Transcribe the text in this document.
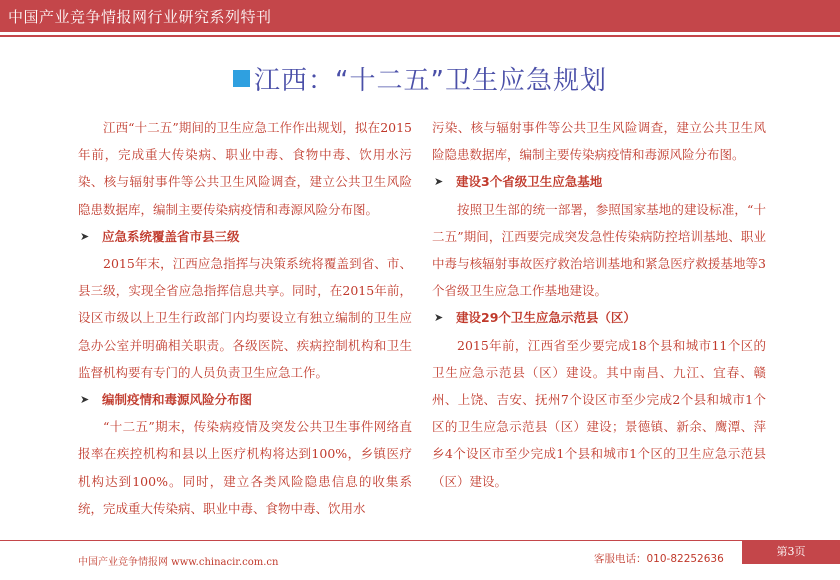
中国产业竞争情报网行业研究系列特刊
江西：“十二五”卫生应急规划

江西“十二五”期间的卫生应急工作作出规划，拟在2015年前，完成重大传染病、职业中毒、食物中毒、饮用水污染、核与辐射事件等公共卫生风险调查，建立公共卫生风险隐患数据库，编制主要传染病疫情和毒源风险分布图。

➤ 应急系统覆盖省市县三级

2015年末，江西应急指挥与决策系统将覆盖到省、市、县三级，实现全省应急指挥信息共享。同时，在2015年前，设区市级以上卫生行政部门内均要设立有独立编制的卫生应急办公室并明确相关职责。各级医院、疾病控制机构和卫生监督机构要有专门的人员负责卫生应急工作。

➤ 编制疫情和毒源风险分布图

“十二五”期末，传染病疫情及突发公共卫生事件网络直报率在疾控机构和县以上医疗机构将达到100%，乡镇医疗机构达到100%。同时，建立各类风险隐患信息的收集系统，完成重大传染病、职业中毒、食物中毒、饮用水

污染、核与辐射事件等公共卫生风险调查，建立公共卫生风险隐患数据库，编制主要传染病疫情和毒源风险分布图。

➤ 建设3个省级卫生应急基地

按照卫生部的统一部署，参照国家基地的建设标准，“十二五”期间，江西要完成突发急性传染病防控培训基地、职业中毒与核辐射事故医疗救治培训基地和紧急医疗救援基地等3个省级卫生应急工作基地建设。

➤ 建设29个卫生应急示范县（区）

2015年前，江西省至少要完成18个县和城市11个区的卫生应急示范县（区）建设。其中南昌、九江、宜春、赣州、上饶、吉安、抚州7个设区市至少完成2个县和城市1个区的卫生应急示范县（区）建设；景德镇、新余、鹰潭、萍乡4个设区市至少完成1个县和城市1个区的卫生应急示范县（区）建设。

中国产业竞争情报网 www.chinacir.com.cn	客服电话：010-82252636
第3页
